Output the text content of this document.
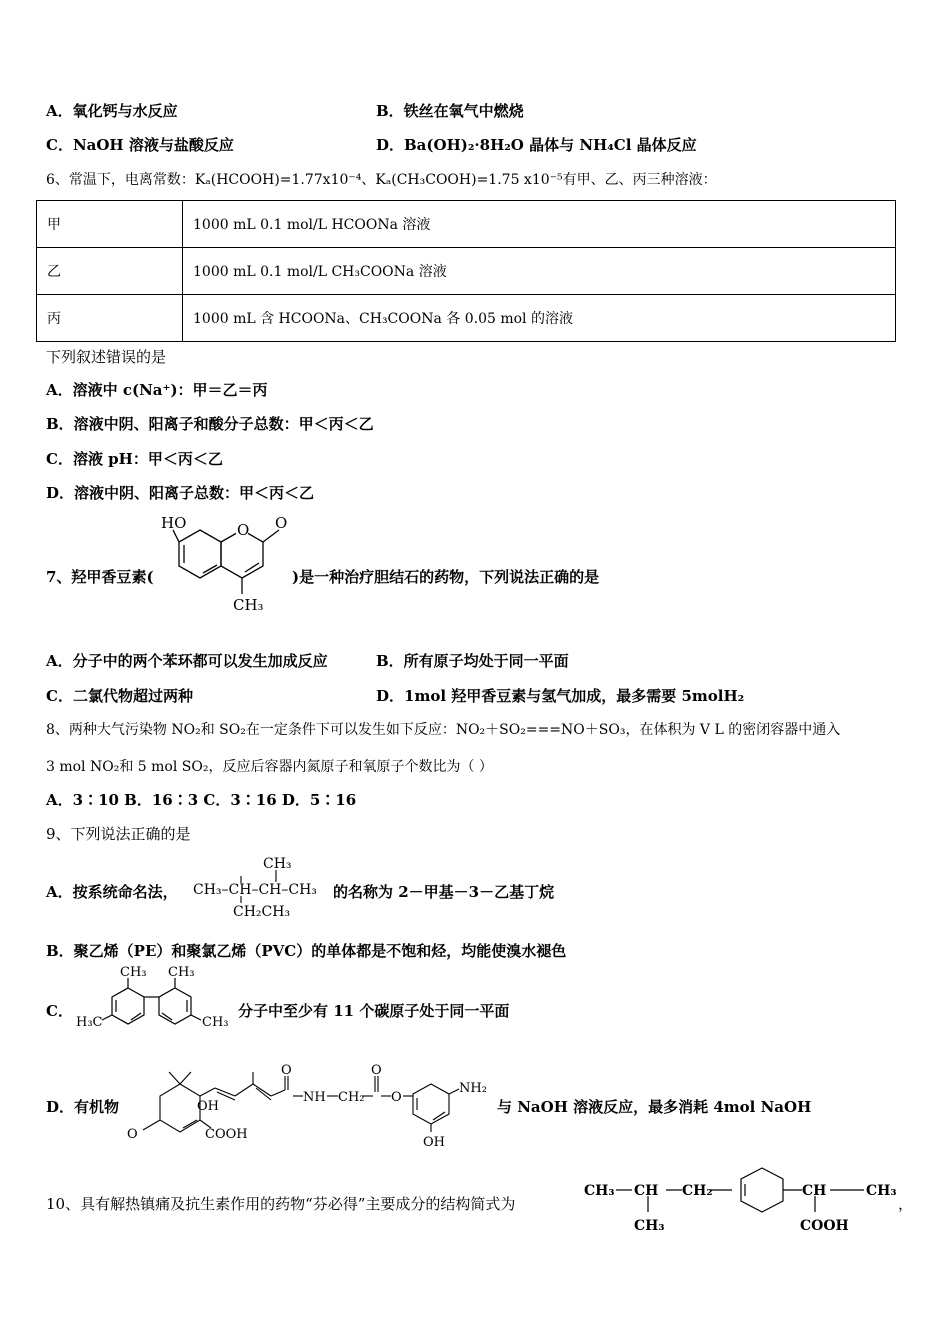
A．氧化钙与水反应	B．铁丝在氧气中燃烧
C．NaOH 溶液与盐酸反应	D．Ba(OH)₂·8H₂O 晶体与 NH₄Cl 晶体反应
6、常温下，电离常数：Kₐ(HCOOH)=1.77x10⁻⁴、Kₐ(CH₃COOH)=1.75 x10⁻⁵有甲、乙、丙三种溶液：
甲	1000 mL 0.1 mol/L HCOONa 溶液
乙	1000 mL 0.1 mol/L CH₃COONa 溶液
丙	1000 mL 含 HCOONa、CH₃COONa 各 0.05 mol 的溶液
下列叙述错误的是
A．溶液中 c(Na⁺)：甲＝乙＝丙
B．溶液中阴、阳离子和酸分子总数：甲＜丙＜乙
C．溶液 pH：甲＜丙＜乙
D．溶液中阴、阳离子总数：甲＜丙＜乙
7、羟甲香豆素(
HO	O O
CH₃
)是一种治疗胆结石的药物，下列说法正确的是
A．分子中的两个苯环都可以发生加成反应	B．所有原子均处于同一平面
C．二氯代物超过两种	D．1mol 羟甲香豆素与氢气加成，最多需要 5molH₂
8、两种大气污染物 NO₂和 SO₂在一定条件下可以发生如下反应：NO₂＋SO₂===NO＋SO₃，在体积为 V L 的密闭容器中通入
3 mol NO₂和 5 mol SO₂，反应后容器内氮原子和氧原子个数比为（ ）
A．3∶10 B．16∶3 C．3∶16 D．5∶16
9、下列说法正确的是
A．按系统命名法，
CH₃
CH₃–CH–CH–CH₃
CH₂CH₃
的名称为 2－甲基－3－乙基丁烷
B．聚乙烯（PE）和聚氯乙烯（PVC）的单体都是不饱和烃，均能使溴水褪色
C．
CH₃ CH₃
H₃C	CH₃
分子中至少有 11 个碳原子处于同一平面
D．有机物	OH
O	COOH
O
NH CH₂
O
O
NH₂
OH
与 NaOH 溶液反应，最多消耗 4mol NaOH
10、具有解热镇痛及抗生素作用的药物“芬必得”主要成分的结构简式为
CH₃ CH CH₂	CH	CH₃
CH₃	COOH
，
